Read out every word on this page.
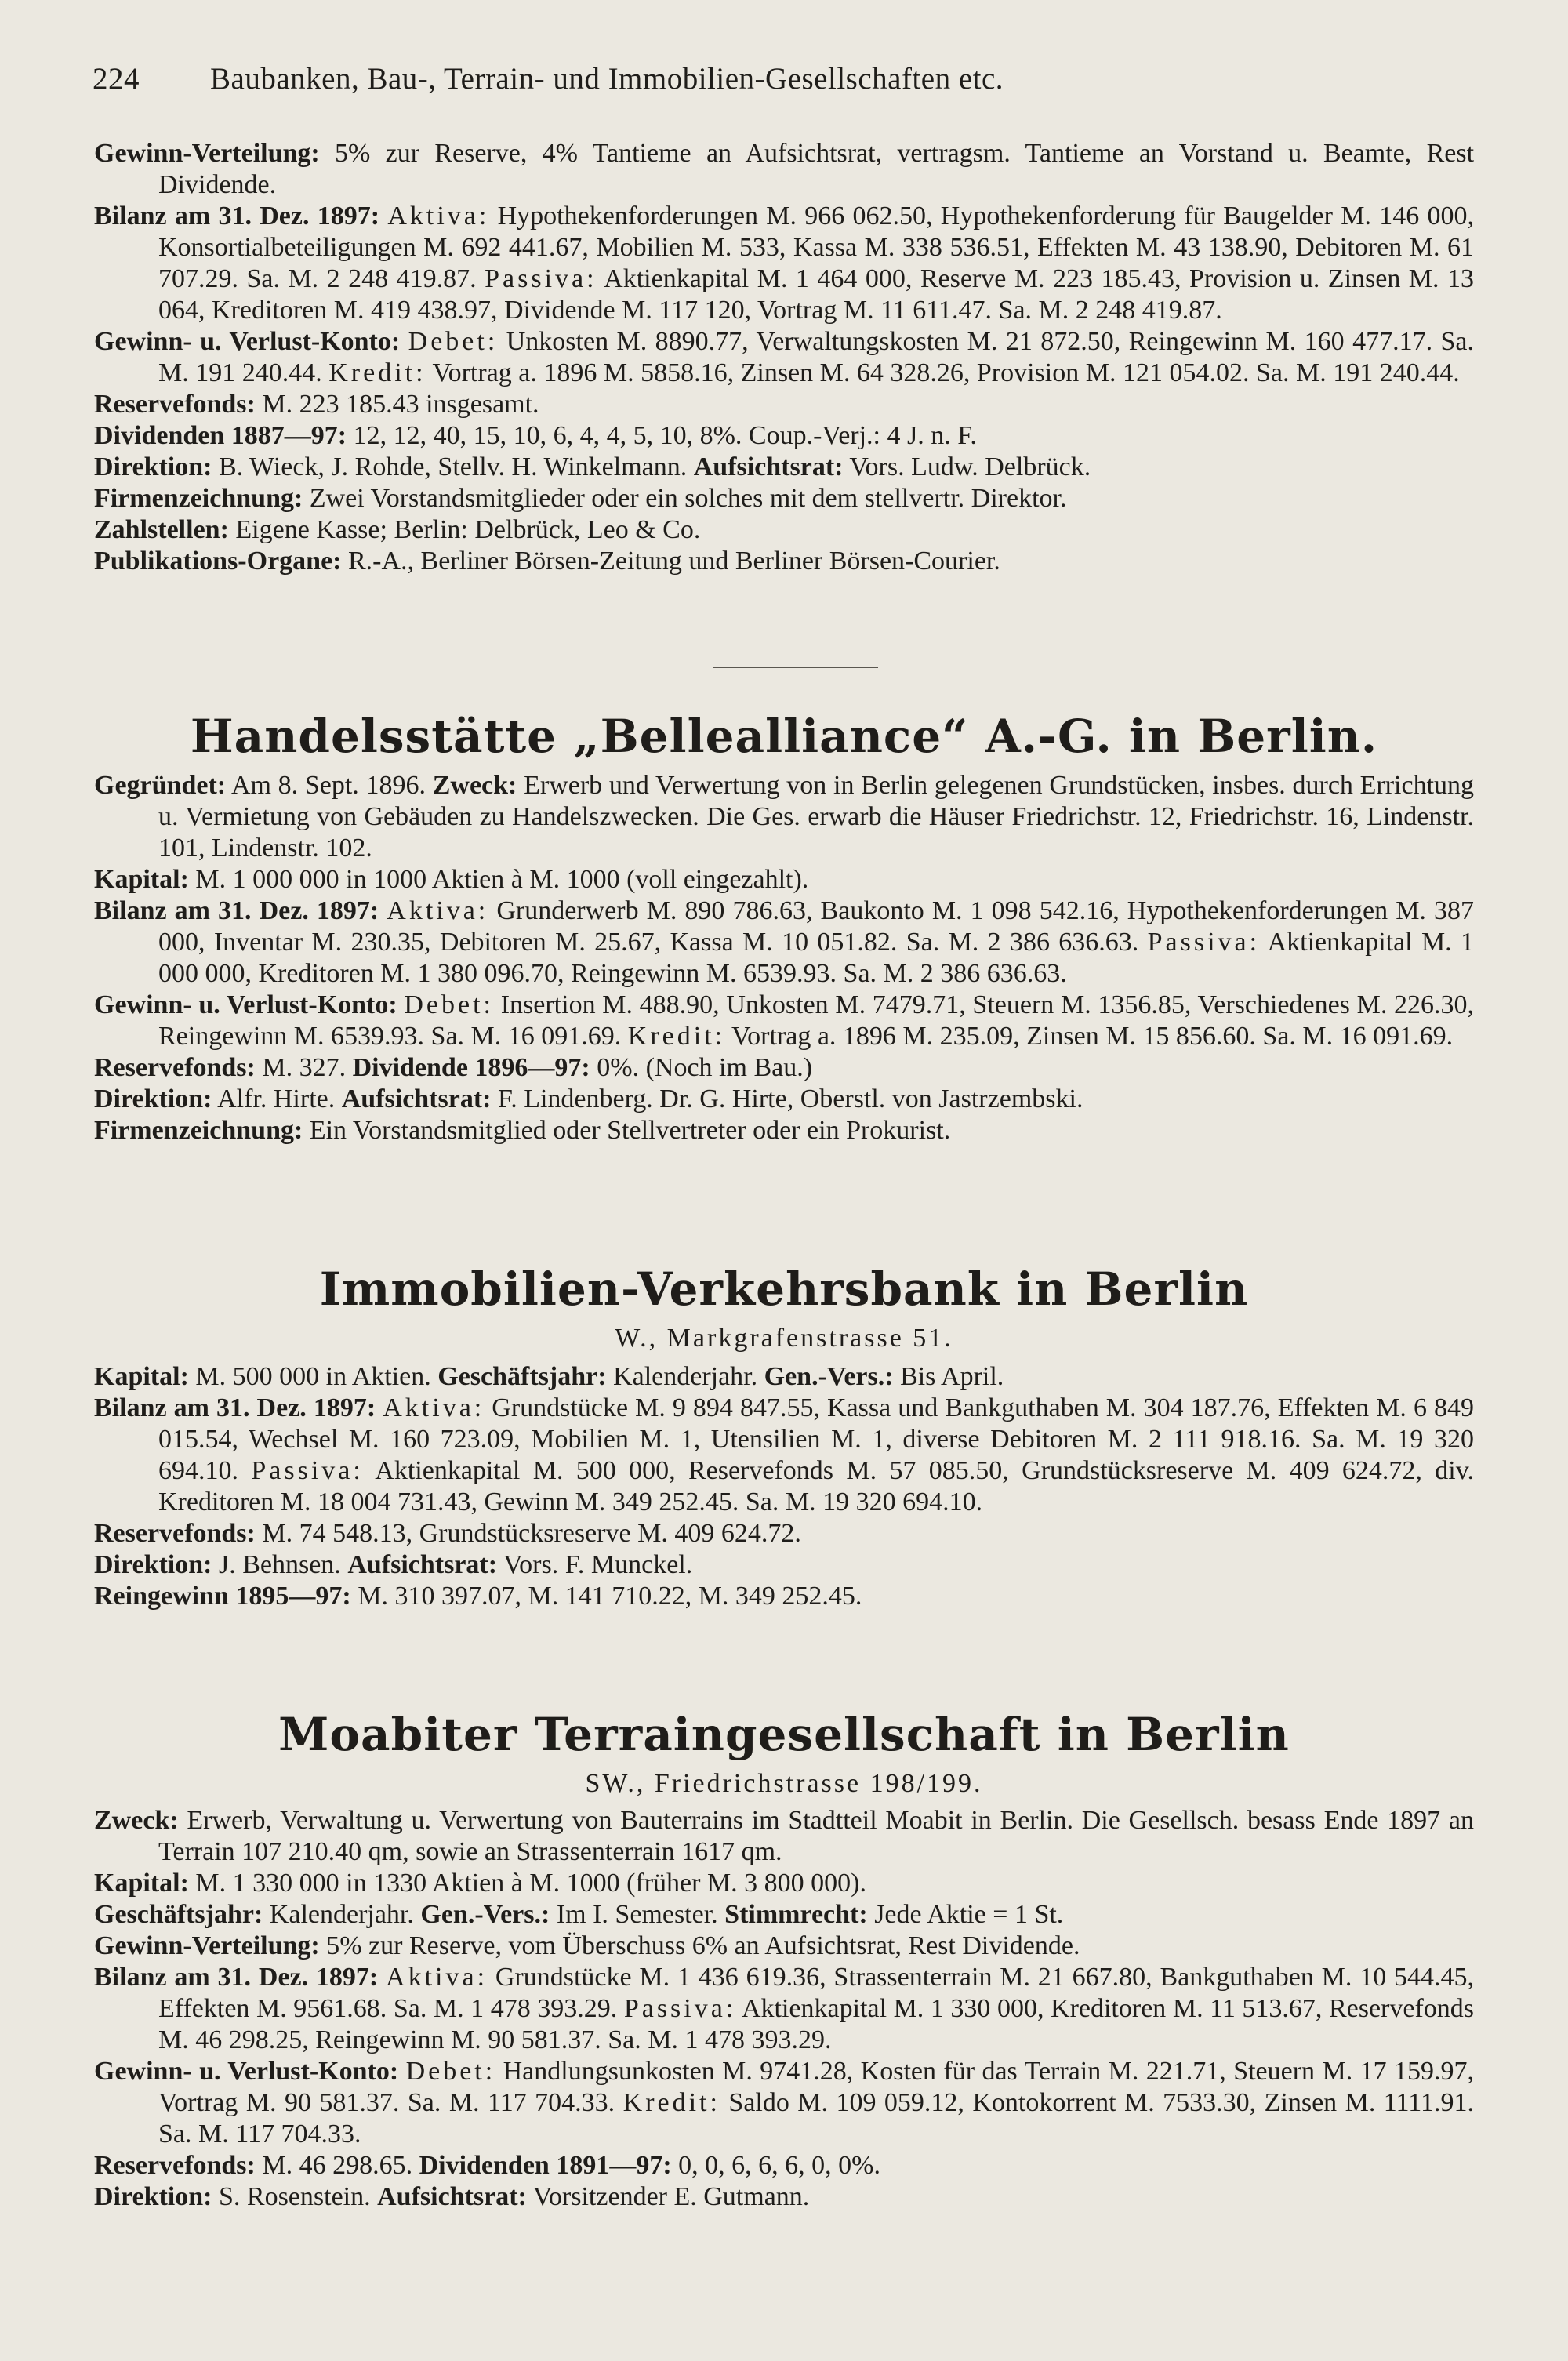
224 Baubanken, Bau-, Terrain- und Immobilien-Gesellschaften etc.

Gewinn-Verteilung: 5% zur Reserve, 4% Tantieme an Aufsichtsrat, vertragsm. Tantieme an Vorstand u. Beamte, Rest Dividende.

Bilanz am 31. Dez. 1897: Aktiva: Hypothekenforderungen M. 966 062.50, Hypothekenforderung für Baugelder M. 146 000, Konsortialbeteiligungen M. 692 441.67, Mobilien M. 533, Kassa M. 338 536.51, Effekten M. 43 138.90, Debitoren M. 61 707.29. Sa. M. 2 248 419.87. Passiva: Aktienkapital M. 1 464 000, Reserve M. 223 185.43, Provision u. Zinsen M. 13 064, Kreditoren M. 419 438.97, Dividende M. 117 120, Vortrag M. 11 611.47. Sa. M. 2 248 419.87.

Gewinn- u. Verlust-Konto: Debet: Unkosten M. 8890.77, Verwaltungskosten M. 21 872.50, Reingewinn M. 160 477.17. Sa. M. 191 240.44. Kredit: Vortrag a. 1896 M. 5858.16, Zinsen M. 64 328.26, Provision M. 121 054.02. Sa. M. 191 240.44.

Reservefonds: M. 223 185.43 insgesamt.

Dividenden 1887—97: 12, 12, 40, 15, 10, 6, 4, 4, 5, 10, 8%. Coup.-Verj.: 4 J. n. F.

Direktion: B. Wieck, J. Rohde, Stellv. H. Winkelmann. Aufsichtsrat: Vors. Ludw. Delbrück.

Firmenzeichnung: Zwei Vorstandsmitglieder oder ein solches mit dem stellvertr. Direktor.

Zahlstellen: Eigene Kasse; Berlin: Delbrück, Leo & Co.

Publikations-Organe: R.-A., Berliner Börsen-Zeitung und Berliner Börsen-Courier.

Handelsstätte „Bellealliance“ A.-G. in Berlin.

Gegründet: Am 8. Sept. 1896. Zweck: Erwerb und Verwertung von in Berlin gelegenen Grundstücken, insbes. durch Errichtung u. Vermietung von Gebäuden zu Handelszwecken. Die Ges. erwarb die Häuser Friedrichstr. 12, Friedrichstr. 16, Lindenstr. 101, Lindenstr. 102.

Kapital: M. 1 000 000 in 1000 Aktien à M. 1000 (voll eingezahlt).

Bilanz am 31. Dez. 1897: Aktiva: Grunderwerb M. 890 786.63, Baukonto M. 1 098 542.16, Hypothekenforderungen M. 387 000, Inventar M. 230.35, Debitoren M. 25.67, Kassa M. 10 051.82. Sa. M. 2 386 636.63. Passiva: Aktienkapital M. 1 000 000, Kreditoren M. 1 380 096.70, Reingewinn M. 6539.93. Sa. M. 2 386 636.63.

Gewinn- u. Verlust-Konto: Debet: Insertion M. 488.90, Unkosten M. 7479.71, Steuern M. 1356.85, Verschiedenes M. 226.30, Reingewinn M. 6539.93. Sa. M. 16 091.69. Kredit: Vortrag a. 1896 M. 235.09, Zinsen M. 15 856.60. Sa. M. 16 091.69.

Reservefonds: M. 327. Dividende 1896—97: 0%. (Noch im Bau.)

Direktion: Alfr. Hirte. Aufsichtsrat: F. Lindenberg. Dr. G. Hirte, Oberstl. von Jastrzembski.

Firmenzeichnung: Ein Vorstandsmitglied oder Stellvertreter oder ein Prokurist.

Immobilien-Verkehrsbank in Berlin
W., Markgrafenstrasse 51.

Kapital: M. 500 000 in Aktien. Geschäftsjahr: Kalenderjahr. Gen.-Vers.: Bis April.

Bilanz am 31. Dez. 1897: Aktiva: Grundstücke M. 9 894 847.55, Kassa und Bankguthaben M. 304 187.76, Effekten M. 6 849 015.54, Wechsel M. 160 723.09, Mobilien M. 1, Utensilien M. 1, diverse Debitoren M. 2 111 918.16. Sa. M. 19 320 694.10. Passiva: Aktienkapital M. 500 000, Reservefonds M. 57 085.50, Grundstücksreserve M. 409 624.72, div. Kreditoren M. 18 004 731.43, Gewinn M. 349 252.45. Sa. M. 19 320 694.10.

Reservefonds: M. 74 548.13, Grundstücksreserve M. 409 624.72.

Direktion: J. Behnsen. Aufsichtsrat: Vors. F. Munckel.

Reingewinn 1895—97: M. 310 397.07, M. 141 710.22, M. 349 252.45.

Moabiter Terraingesellschaft in Berlin
SW., Friedrichstrasse 198/199.

Zweck: Erwerb, Verwaltung u. Verwertung von Bauterrains im Stadtteil Moabit in Berlin. Die Gesellsch. besass Ende 1897 an Terrain 107 210.40 qm, sowie an Strassenterrain 1617 qm.

Kapital: M. 1 330 000 in 1330 Aktien à M. 1000 (früher M. 3 800 000).

Geschäftsjahr: Kalenderjahr. Gen.-Vers.: Im I. Semester. Stimmrecht: Jede Aktie = 1 St.

Gewinn-Verteilung: 5% zur Reserve, vom Überschuss 6% an Aufsichtsrat, Rest Dividende.

Bilanz am 31. Dez. 1897: Aktiva: Grundstücke M. 1 436 619.36, Strassenterrain M. 21 667.80, Bankguthaben M. 10 544.45, Effekten M. 9561.68. Sa. M. 1 478 393.29. Passiva: Aktienkapital M. 1 330 000, Kreditoren M. 11 513.67, Reservefonds M. 46 298.25, Reingewinn M. 90 581.37. Sa. M. 1 478 393.29.

Gewinn- u. Verlust-Konto: Debet: Handlungsunkosten M. 9741.28, Kosten für das Terrain M. 221.71, Steuern M. 17 159.97, Vortrag M. 90 581.37. Sa. M. 117 704.33. Kredit: Saldo M. 109 059.12, Kontokorrent M. 7533.30, Zinsen M. 1111.91. Sa. M. 117 704.33.

Reservefonds: M. 46 298.65. Dividenden 1891—97: 0, 0, 6, 6, 6, 0, 0%.

Direktion: S. Rosenstein. Aufsichtsrat: Vorsitzender E. Gutmann.
